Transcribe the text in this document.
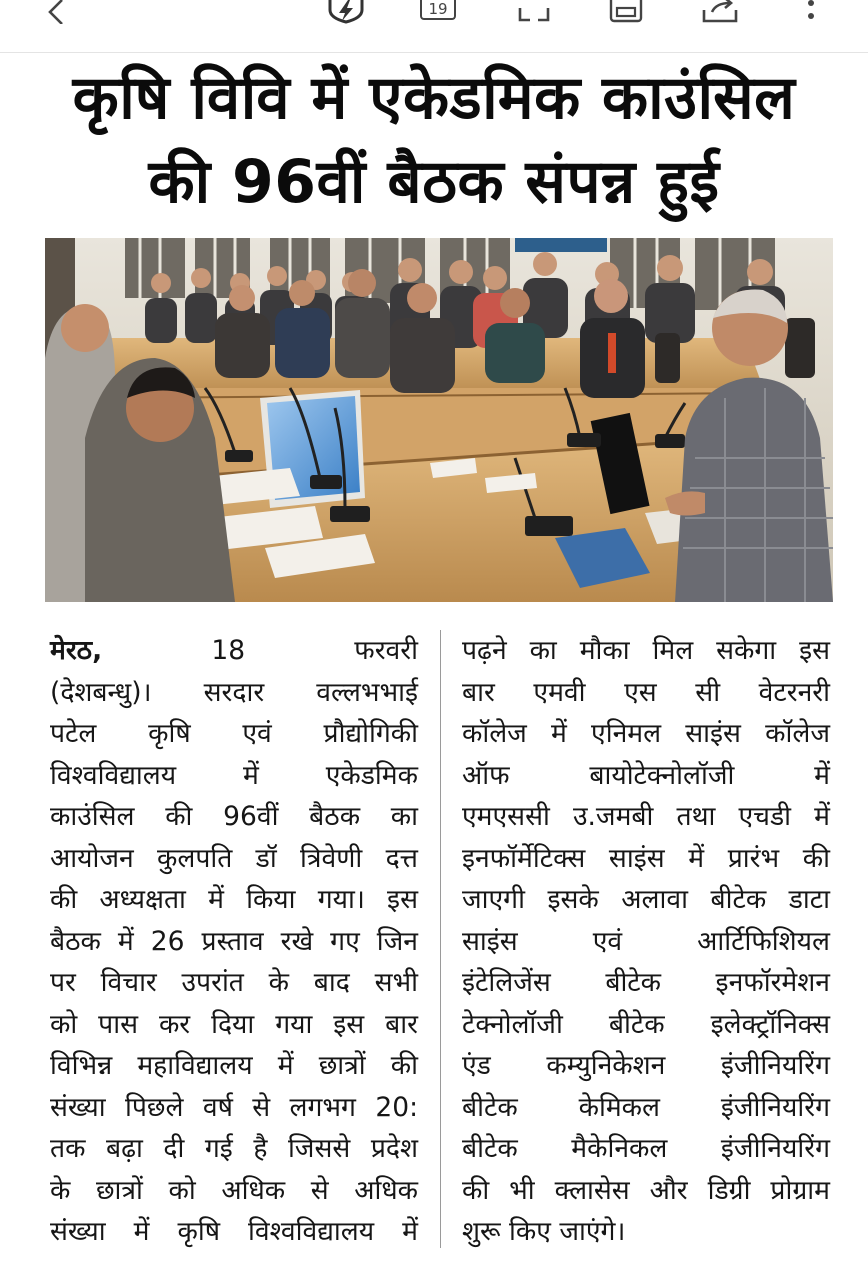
19
कृषि विवि में एकेडमिक काउंसिल
की 96वीं बैठक संपन्न हुई
मेरठ,	18	फरवरी
(देशबन्धु)। सरदार वल्लभभाई
पटेल कृषि एवं प्रौद्योगिकी
विश्वविद्यालय में एकेडमिक
काउंसिल की 96वीं बैठक का
आयोजन कुलपति डॉ त्रिवेणी दत्त
की अध्यक्षता में किया गया। इस
बैठक में 26 प्रस्ताव रखे गए जिन
पर विचार उपरांत के बाद सभी
को पास कर दिया गया इस बार
विभिन्न महाविद्यालय में छात्रों की
संख्या पिछले वर्ष से लगभग 20:
तक बढ़ा दी गई है जिससे प्रदेश
के छात्रों को अधिक से अधिक
संख्या में कृषि विश्वविद्यालय में
पढ़ने का मौका मिल सकेगा इस
बार एमवी एस सी वेटरनरी
कॉलेज में एनिमल साइंस कॉलेज
ऑफ बायोटेक्नोलॉजी में
एमएससी उ.जमबी तथा एचडी में
इनफॉर्मेटिक्स साइंस में प्रारंभ की
जाएगी इसके अलावा बीटेक डाटा
साइंस एवं आर्टिफिशियल
इंटेलिजेंस बीटेक इनफॉरमेशन
टेक्नोलॉजी बीटेक इलेक्ट्रॉनिक्स
एंड कम्युनिकेशन इंजीनियरिंग
बीटेक केमिकल इंजीनियरिंग
बीटेक मैकेनिकल इंजीनियरिंग
की भी क्लासेस और डिग्री प्रोग्राम
शुरू किए जाएंगे।
